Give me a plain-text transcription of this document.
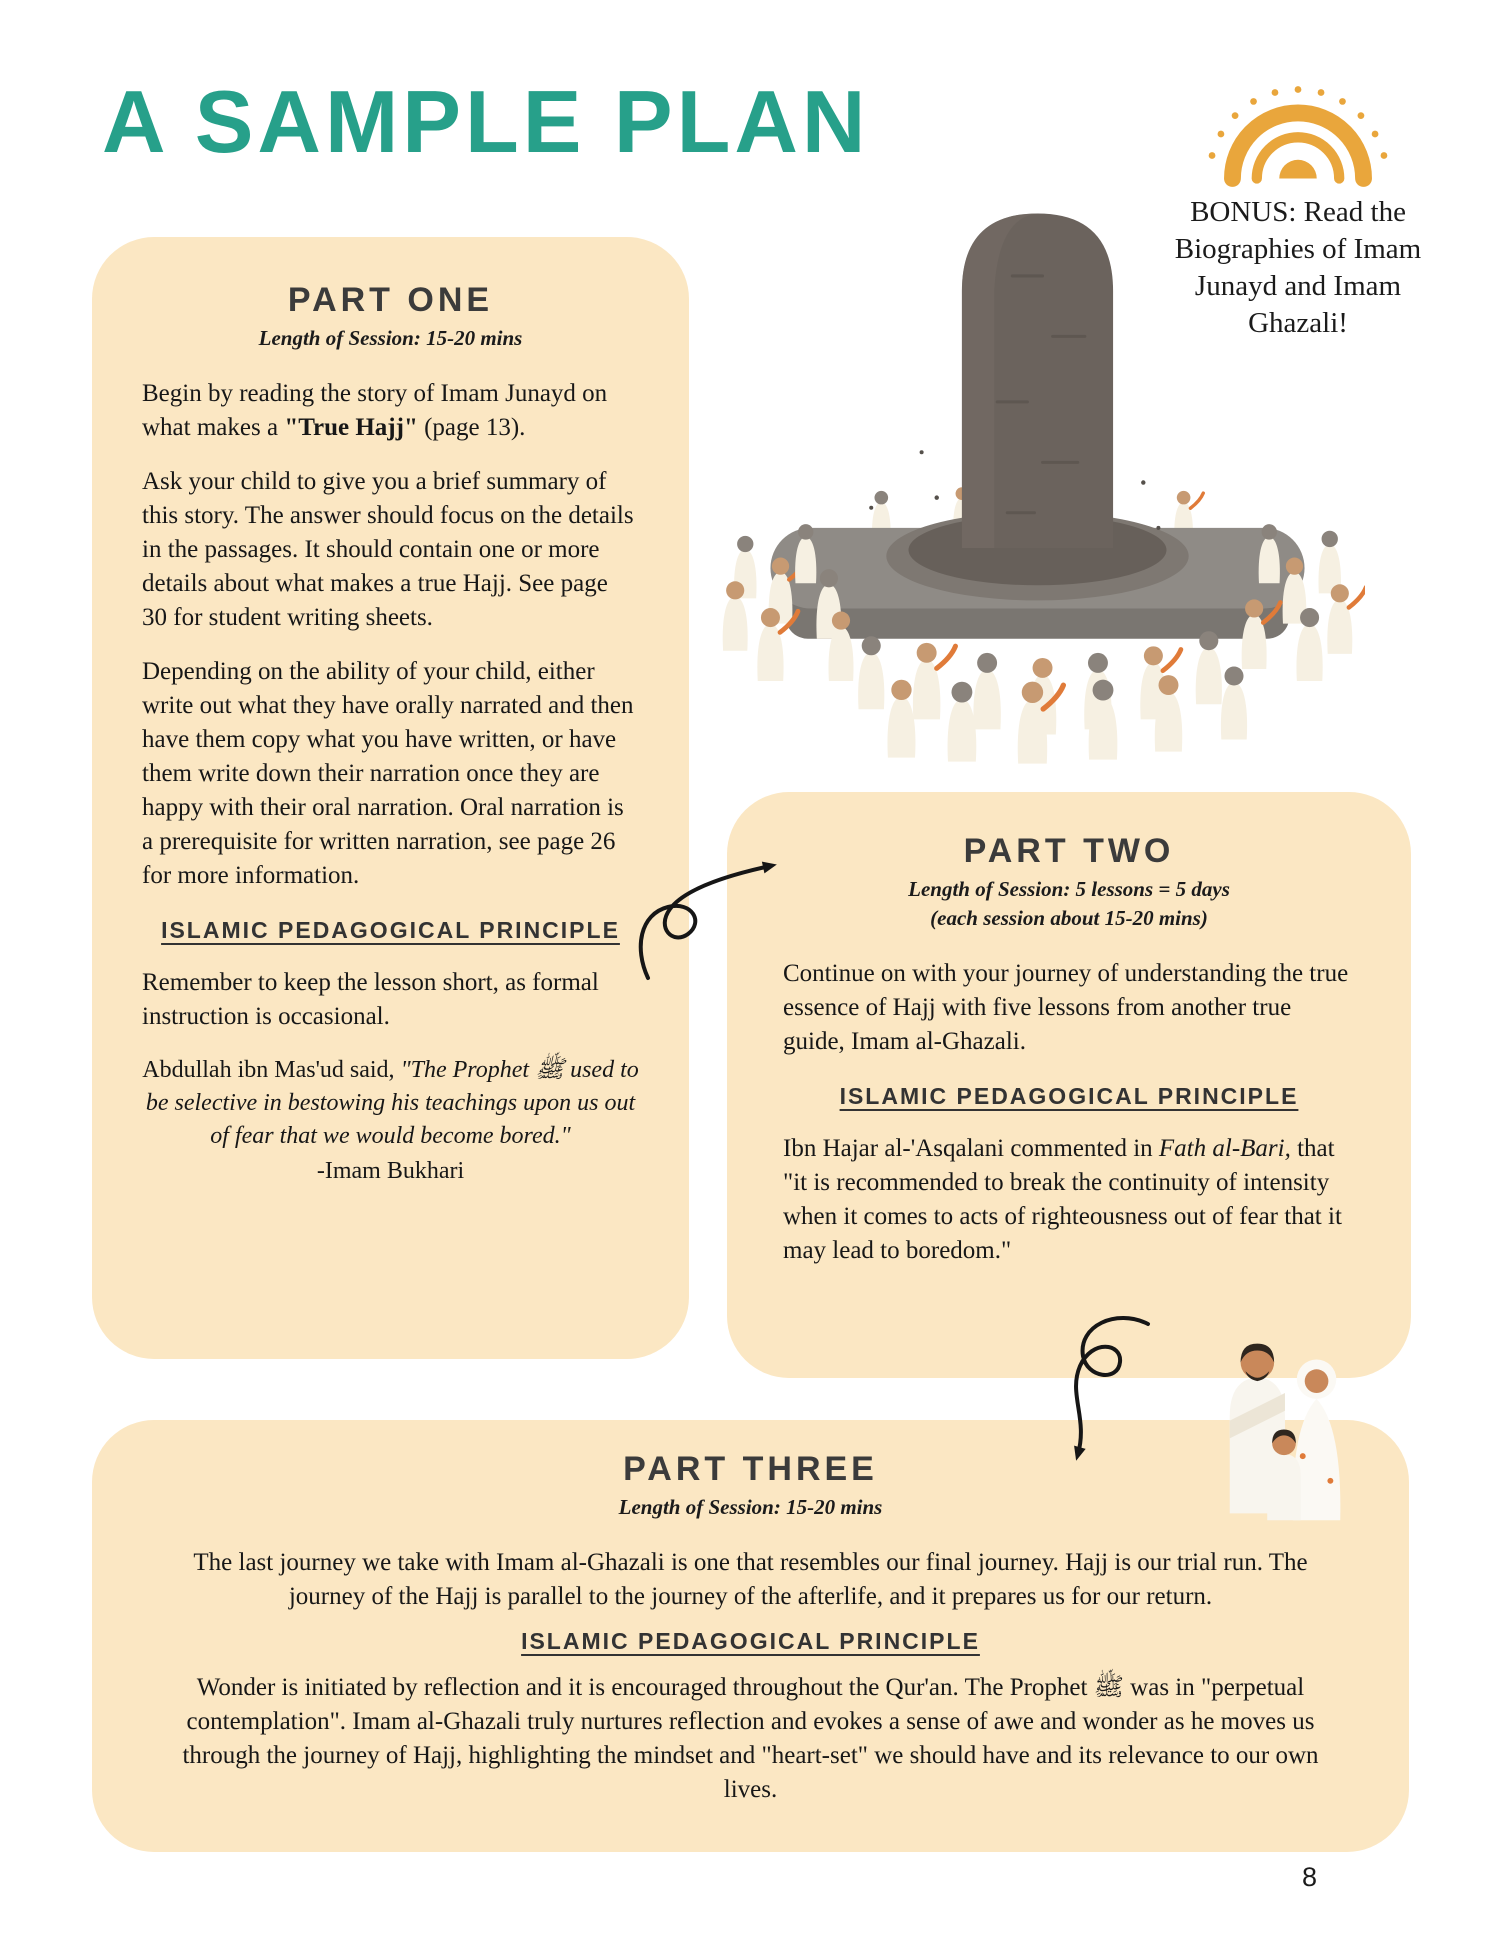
A SAMPLE PLAN

BONUS: Read the Biographies of Imam Junayd and Imam Ghazali!

PART ONE

Length of Session: 15-20 mins

Begin by reading the story of Imam Junayd on what makes a "True Hajj" (page 13).

Ask your child to give you a brief summary of this story. The answer should focus on the details in the passages. It should contain one or more details about what makes a true Hajj. See page 30 for student writing sheets.

Depending on the ability of your child, either write out what they have orally narrated and then have them copy what you have written, or have them write down their narration once they are happy with their oral narration. Oral narration is a prerequisite for written narration, see page 26 for more information.

ISLAMIC PEDAGOGICAL PRINCIPLE

Remember to keep the lesson short, as formal instruction is occasional.

Abdullah ibn Mas'ud said, "The Prophet ﷺ used to be selective in bestowing his teachings upon us out of fear that we would become bored."
-Imam Bukhari

PART TWO

Length of Session: 5 lessons = 5 days

(each session about 15-20 mins)

Continue on with your journey of understanding the true essence of Hajj with five lessons from another true guide, Imam al-Ghazali.

ISLAMIC PEDAGOGICAL PRINCIPLE

Ibn Hajar al-'Asqalani commented in Fath al-Bari, that "it is recommended to break the continuity of intensity when it comes to acts of righteousness out of fear that it may lead to boredom."

PART THREE

Length of Session: 15-20 mins

The last journey we take with Imam al-Ghazali is one that resembles our final journey. Hajj is our trial run. The journey of the Hajj is parallel to the journey of the afterlife, and it prepares us for our return.

ISLAMIC PEDAGOGICAL PRINCIPLE

Wonder is initiated by reflection and it is encouraged throughout the Qur'an. The Prophet ﷺ was in "perpetual contemplation". Imam al-Ghazali truly nurtures reflection and evokes a sense of awe and wonder as he moves us through the journey of Hajj, highlighting the mindset and "heart-set" we should have and its relevance to our own lives.

8
